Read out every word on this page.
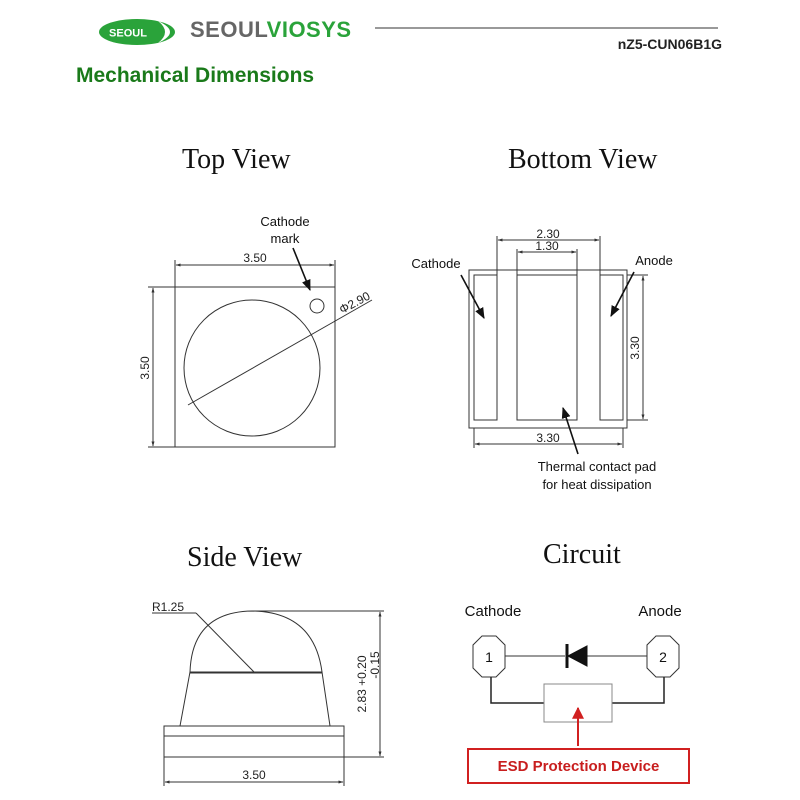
SEOUL SEOULVIOSYS
nZ5-CUN06B1G
Mechanical Dimensions
Top View	Bottom View
Side View	Circuit
3.50
3.50
Φ2.90
Cathode
mark	2.30
1.30
3.30
3.30
Cathode	Anode
Thermal contact pad
for heat dissipation
R1.25
2.83 +0.20 -0.15
3.50
1	2
Cathode	Anode
ESD Protection Device
